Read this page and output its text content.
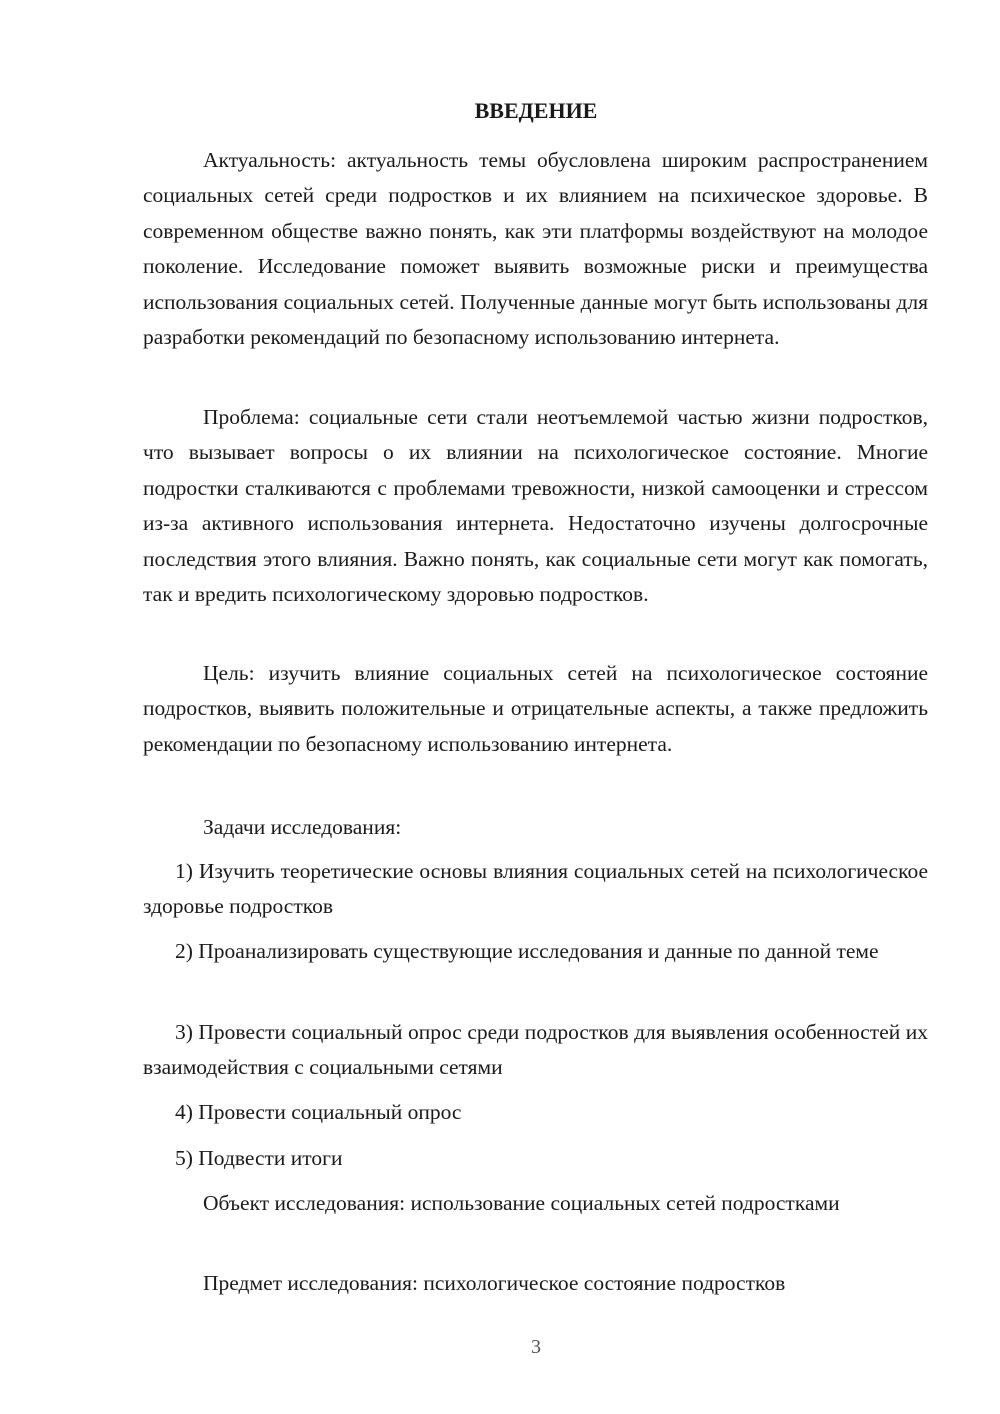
ВВЕДЕНИЕ

Актуальность: актуальность темы обусловлена широким распространением социальных сетей среди подростков и их влиянием на психическое здоровье. В современном обществе важно понять, как эти платформы воздействуют на молодое поколение. Исследование поможет выявить возможные риски и преимущества использования социальных сетей. Полученные данные могут быть использованы для разработки рекомендаций по безопасному использованию интернета.

Проблема: социальные сети стали неотъемлемой частью жизни подростков, что вызывает вопросы о их влиянии на психологическое состояние. Многие подростки сталкиваются с проблемами тревожности, низкой самооценки и стрессом из-за активного использования интернета. Недостаточно изучены долгосрочные последствия этого влияния. Важно понять, как социальные сети могут как помогать, так и вредить психологическому здоровью подростков.

Цель: изучить влияние социальных сетей на психологическое состояние подростков, выявить положительные и отрицательные аспекты, а также предложить рекомендации по безопасному использованию интернета.

Задачи исследования:

1) Изучить теоретические основы влияния социальных сетей на психологическое здоровье подростков

2) Проанализировать существующие исследования и данные по данной теме

3) Провести социальный опрос среди подростков для выявления особенностей их взаимодействия с социальными сетями

4) Провести социальный опрос

5) Подвести итоги

Объект исследования: использование социальных сетей подростками

Предмет исследования: психологическое состояние подростков

3
